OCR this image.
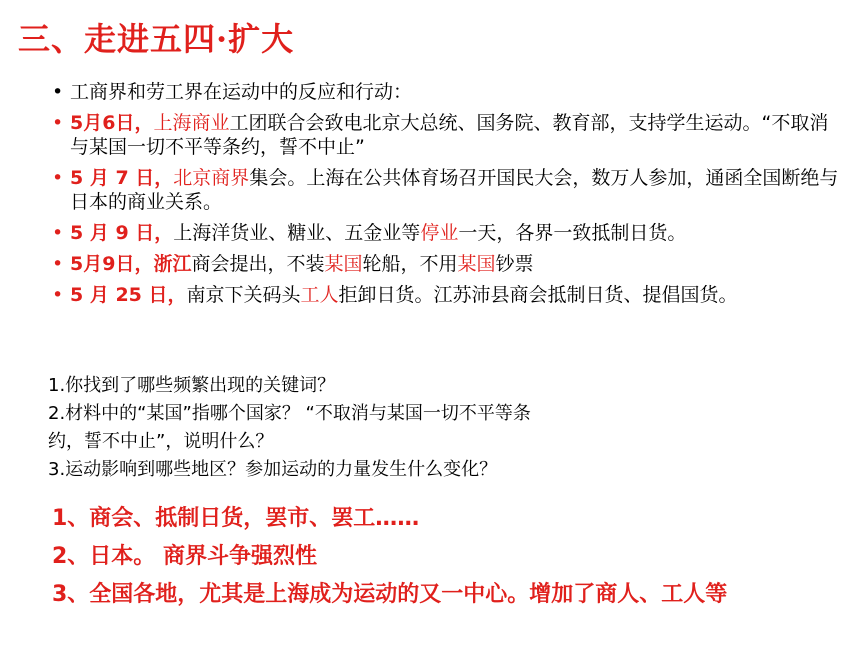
三、走进五四·扩大
• 工商界和劳工界在运动中的反应和行动：
• 5月6日，上海商业工团联合会致电北京大总统、国务院、教育部，支持学生运动。“不取消与某国一切不平等条约，誓不中止”
• 5 月 7 日，北京商界集会。上海在公共体育场召开国民大会，数万人参加，通函全国断绝与日本的商业关系。
• 5 月 9 日，上海洋货业、糖业、五金业等停业一天，各界一致抵制日货。
• 5月9日，浙江商会提出，不装某国轮船，不用某国钞票
• 5 月 25 日，南京下关码头工人拒卸日货。江苏沛县商会抵制日货、提倡国货。
1.你找到了哪些频繁出现的关键词？
2.材料中的“某国”指哪个国家？ “不取消与某国一切不平等条
约，誓不中止”，说明什么？
3.运动影响到哪些地区？参加运动的力量发生什么变化？
1、商会、抵制日货，罢市、罢工……
2、日本。 商界斗争强烈性
3、全国各地，尤其是上海成为运动的又一中心。增加了商人、工人等
